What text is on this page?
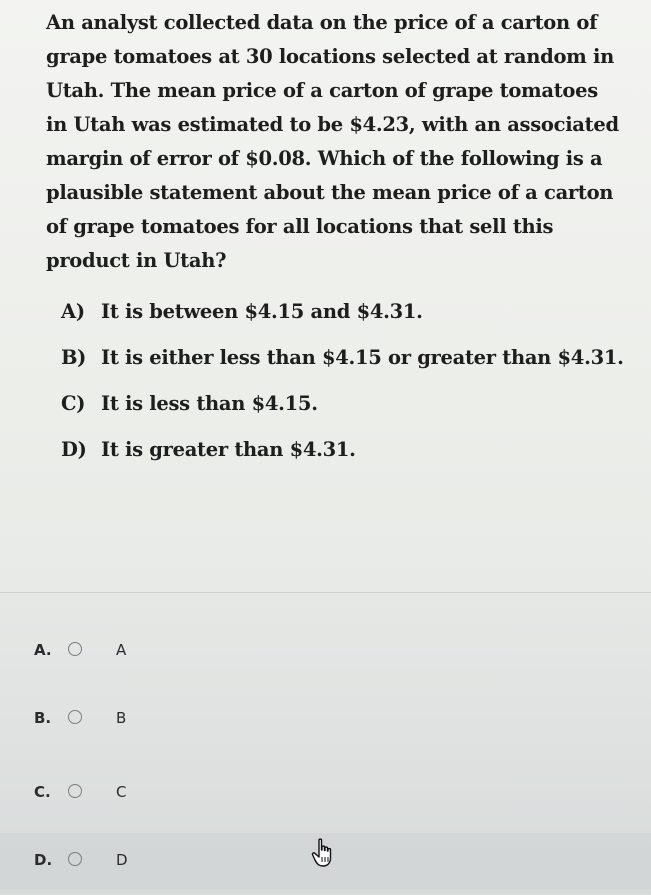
An analyst collected data on the price of a carton of
grape tomatoes at 30 locations selected at random in
Utah. The mean price of a carton of grape tomatoes
in Utah was estimated to be $4.23, with an associated
margin of error of $0.08. Which of the following is a
plausible statement about the mean price of a carton
of grape tomatoes for all locations that sell this
product in Utah?
A) It is between $4.15 and $4.31.
B) It is either less than $4.15 or greater than $4.31.
C) It is less than $4.15.
D) It is greater than $4.31.
A.	A
B.	B
C.	C
D.	D
